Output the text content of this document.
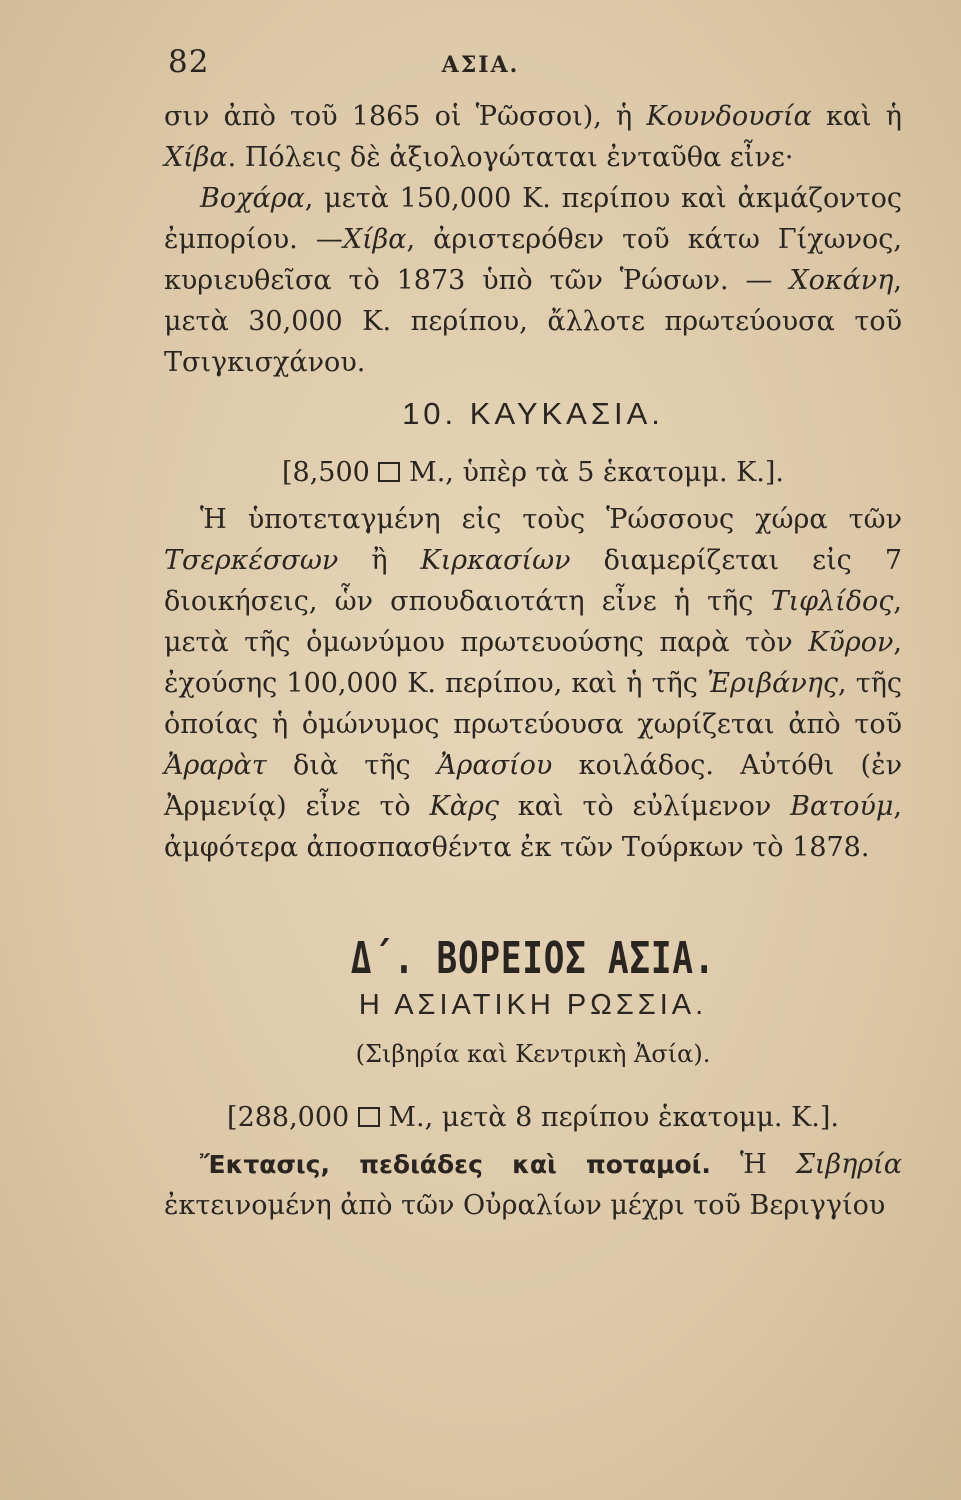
82	ΑΣΙΑ.

σιν ἀπὸ τοῦ 1865 οἱ Ῥῶσσοι), ἡ Κουνδουσία καὶ ἡ Χίβα. Πόλεις δὲ ἀξιολογώταται ἐνταῦθα εἶνε·

Βοχάρα, μετὰ 150,000 Κ. περίπου καὶ ἀκμάζοντος ἐμπορίου. —Χίβα, ἀριστερόθεν τοῦ κάτω Γίχωνος, κυριευθεῖσα τὸ 1873 ὑπὸ τῶν Ῥώσων. — Χοκάνη, μετὰ 30,000 Κ. περίπου, ἄλλοτε πρωτεύουσα τοῦ Τσιγκισχάνου.

10. ΚΑΥΚΑΣΙΑ.
[8,500 Μ., ὑπὲρ τὰ 5 ἑκατομμ. Κ.].

Ἡ ὑποτεταγμένη εἰς τοὺς Ῥώσσους χώρα τῶν Τσερκέσσων ἢ Κιρκασίων διαμερίζεται εἰς 7 διοικήσεις, ὧν σπουδαιοτάτη εἶνε ἡ τῆς Τιφλίδος, μετὰ τῆς ὁμωνύμου πρωτευούσης παρὰ τὸν Κῦρον, ἐχούσης 100,000 Κ. περίπου, καὶ ἡ τῆς Ἐριβάνης, τῆς ὁποίας ἡ ὁμώνυμος πρωτεύουσα χωρίζεται ἀπὸ τοῦ Ἀραρὰτ διὰ τῆς Ἀρασίου κοιλάδος. Αὐτόθι (ἐν Ἀρμενίᾳ) εἶνε τὸ Κὰρς καὶ τὸ εὐλίμενον Βατούμ, ἀμφότερα ἀποσπασθέντα ἐκ τῶν Τούρκων τὸ 1878.

Δ΄. ΒΟΡΕΙΟΣ ΑΣΙΑ.
Η ΑΣΙΑΤΙΚΗ ΡΩΣΣΙΑ.
(Σιβηρία καὶ Κεντρικὴ Ἀσία).
[288,000 Μ., μετὰ 8 περίπου ἑκατομμ. Κ.].

Ἔκτασις, πεδιάδες καὶ ποταμοί. Ἡ Σιβηρία ἐκτεινομένη ἀπὸ τῶν Οὐραλίων μέχρι τοῦ Βεριγγίου
